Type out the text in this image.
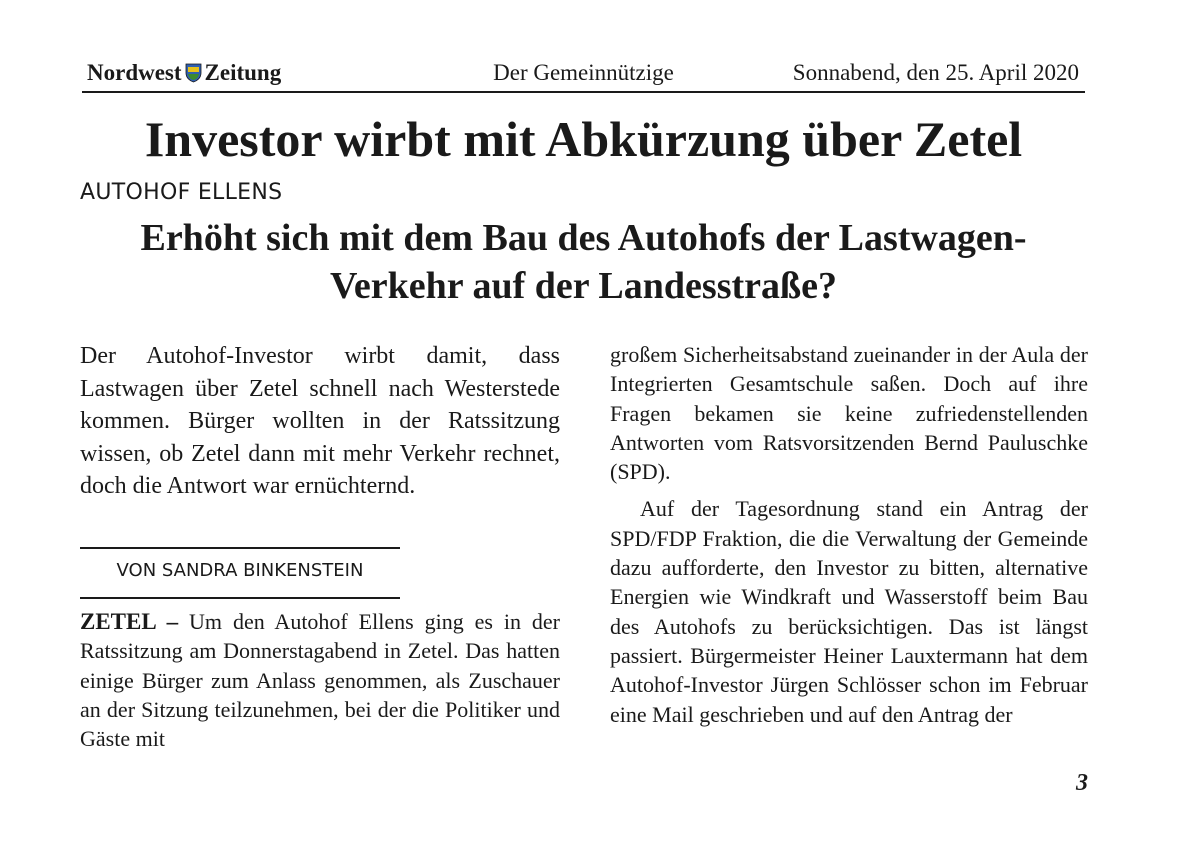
Nordwest Zeitung	Der Gemeinnützige	Sonnabend, den 25. April 2020
Investor wirbt mit Abkürzung über Zetel
AUTOHOF ELLENS
Erhöht sich mit dem Bau des Autohofs der Lastwagen-Verkehr auf der Landesstraße?
Der Autohof-Investor wirbt damit, dass Lastwagen über Zetel schnell nach Westerstede kommen. Bürger wollten in der Ratssitzung wissen, ob Zetel dann mit mehr Verkehr rechnet, doch die Antwort war ernüchternd.
VON SANDRA BINKENSTEIN
ZETEL – Um den Autohof Ellens ging es in der Ratssitzung am Donnerstagabend in Zetel. Das hatten einige Bürger zum Anlass genommen, als Zuschauer an der Sitzung teilzunehmen, bei der die Politiker und Gäste mit

großem Sicherheitsabstand zueinander in der Aula der Integrierten Gesamtschule saßen. Doch auf ihre Fragen bekamen sie keine zufriedenstellenden Antworten vom Ratsvorsitzenden Bernd Pauluschke (SPD).

Auf der Tagesordnung stand ein Antrag der SPD/FDP Fraktion, die die Verwaltung der Gemeinde dazu aufforderte, den Investor zu bitten, alternative Energien wie Windkraft und Wasserstoff beim Bau des Autohofs zu berücksichtigen. Das ist längst passiert. Bürgermeister Heiner Lauxtermann hat dem Autohof-Investor Jürgen Schlösser schon im Februar eine Mail geschrieben und auf den Antrag der

3
